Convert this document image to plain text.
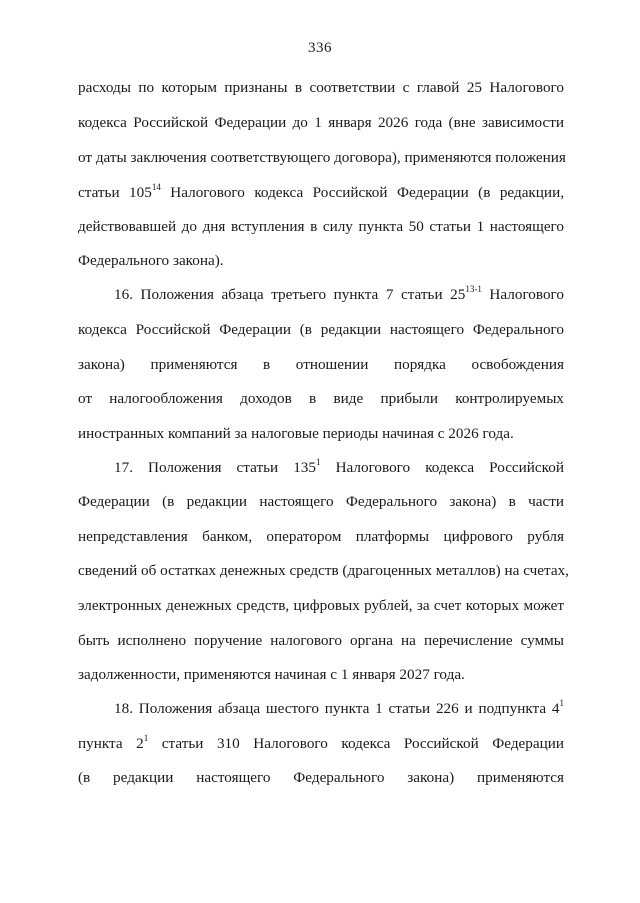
336
расходы по которым признаны в соответствии с главой 25 Налогового
кодекса Российской Федерации до 1 января 2026 года (вне зависимости
от даты заключения соответствующего договора), применяются положения
статьи $105^{14}$ Налогового кодекса Российской Федерации (в редакции,
действовавшей до дня вступления в силу пункта 50 статьи 1 настоящего
Федерального закона).
16. Положения абзаца третьего пункта 7 статьи 25$^{13-1}$ Налогового
кодекса Российской Федерации (в редакции настоящего Федерального
закона) применяются в отношении порядка освобождения
от налогообложения доходов в виде прибыли контролируемых
иностранных компаний за налоговые периоды начиная с 2026 года.
17. Положения статьи $135^1$ Налогового кодекса Российской
Федерации (в редакции настоящего Федерального закона) в части
непредставления банком, оператором платформы цифрового рубля
сведений об остатках денежных средств (драгоценных металлов) на счетах,
электронных денежных средств, цифровых рублей, за счет которых может
быть исполнено поручение налогового органа на перечисление суммы
задолженности, применяются начиная с 1 января 2027 года.
18. Положения абзаца шестого пункта 1 статьи 226 и подпункта $4^1$
пункта $2^1$ статьи 310 Налогового кодекса Российской Федерации
(в редакции настоящего Федерального закона) применяются
